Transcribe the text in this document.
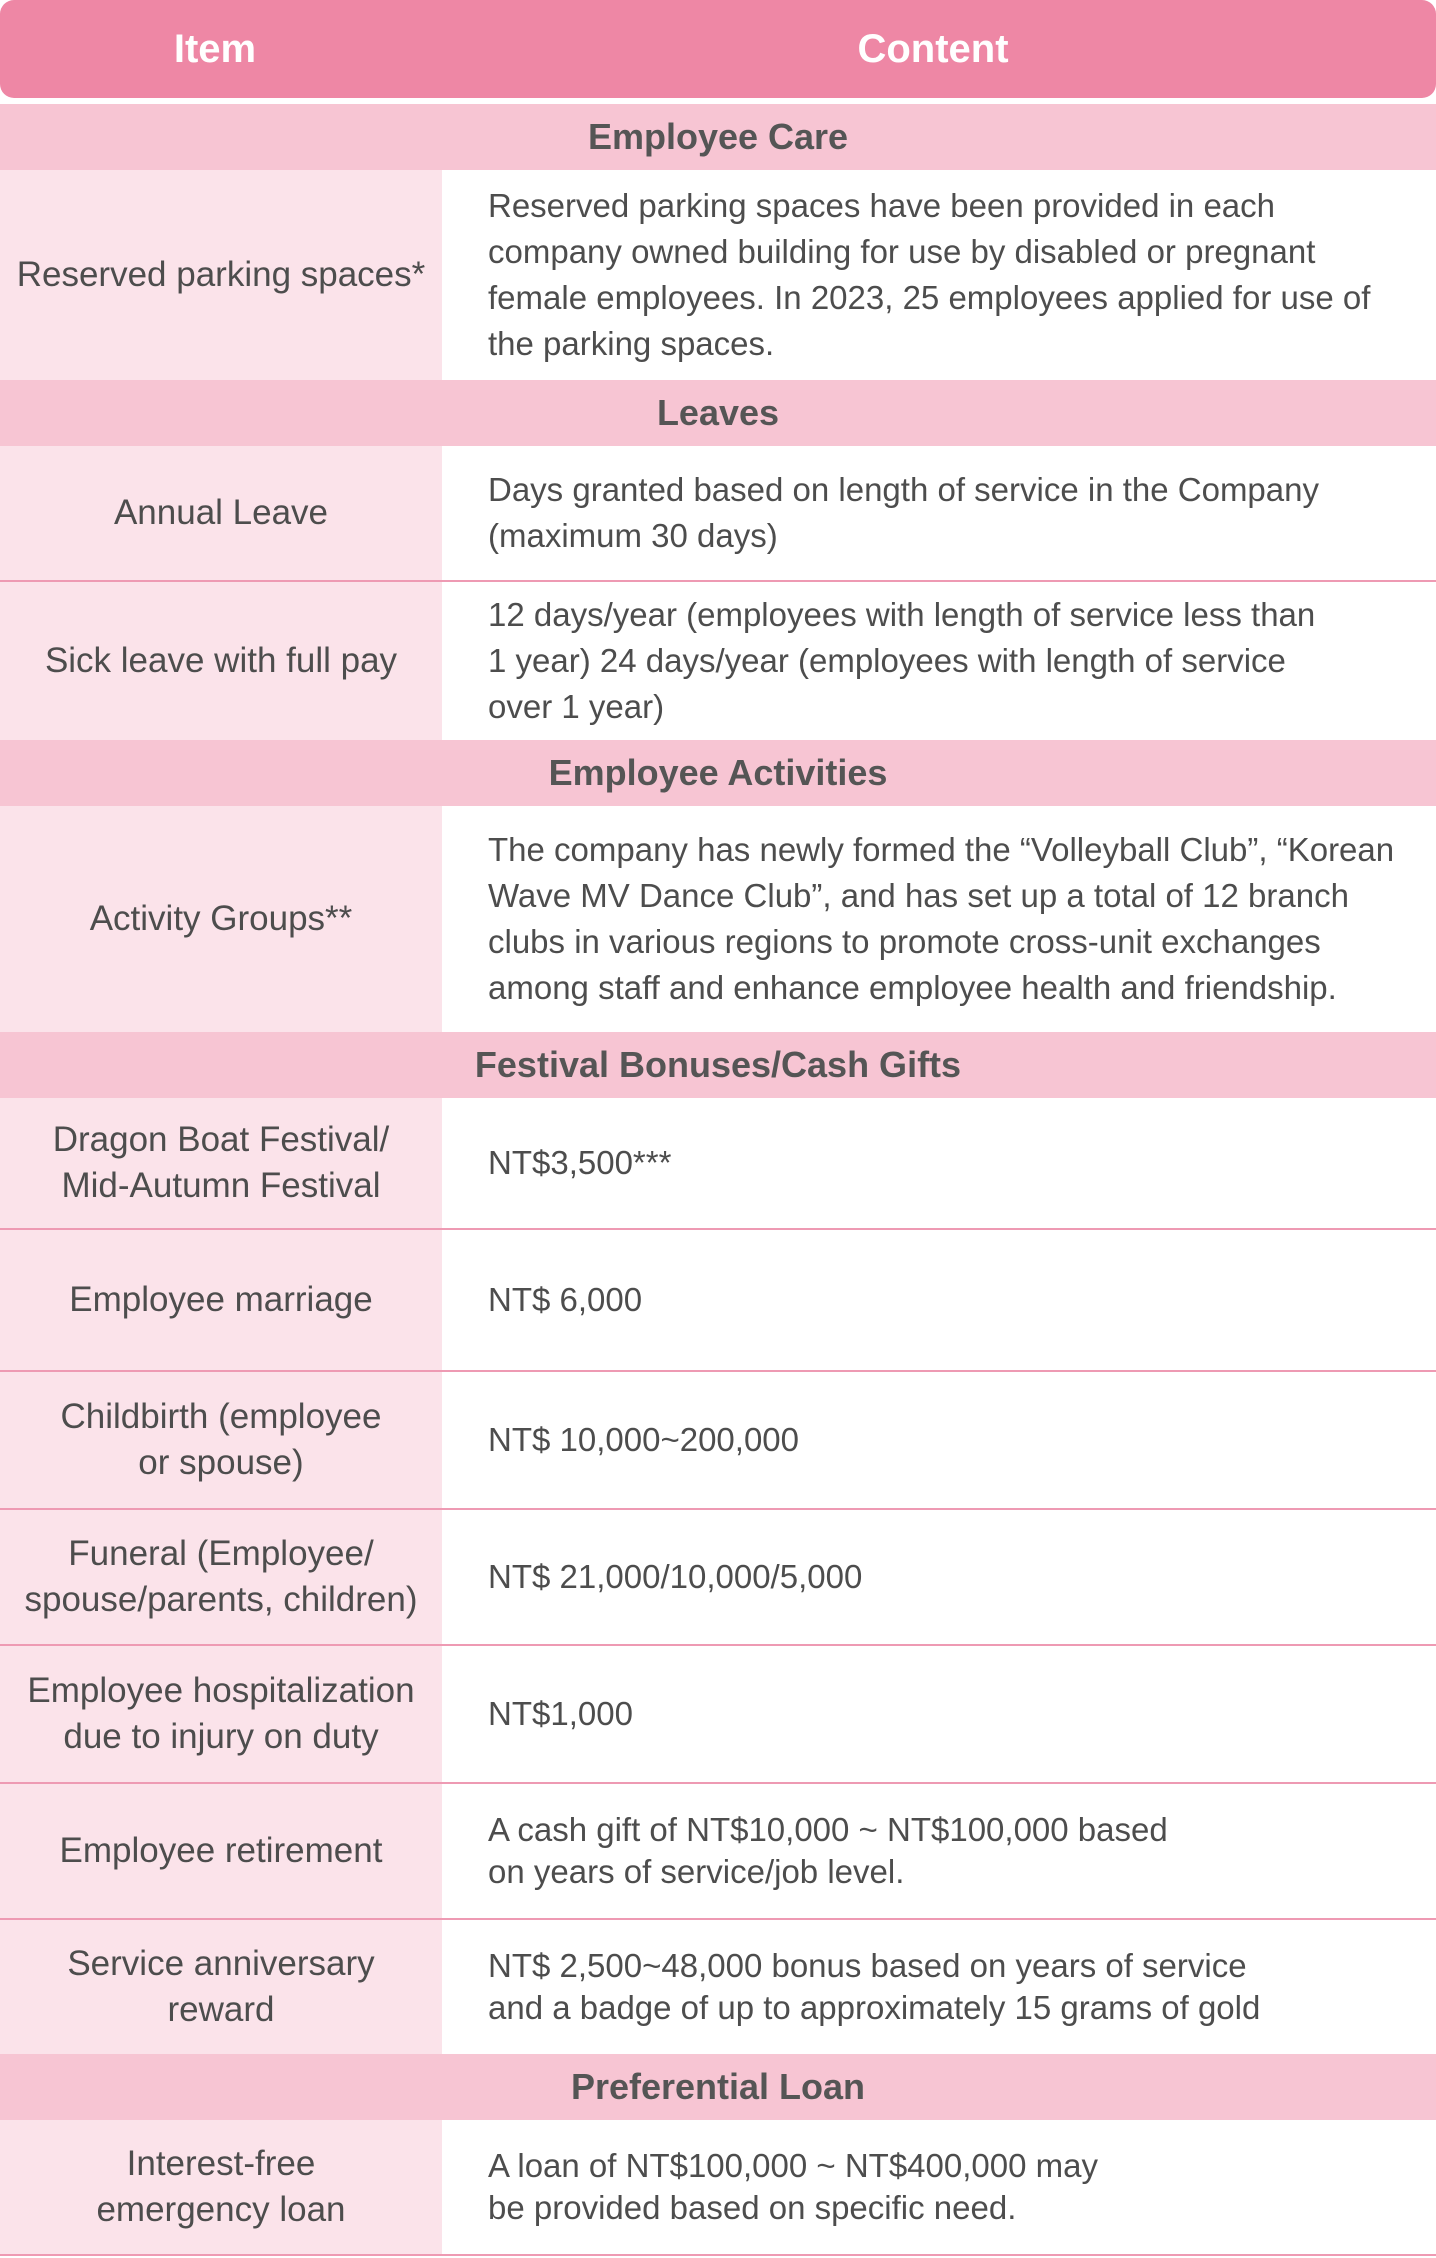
Item	Content
Employee Care
Reserved parking spaces*
Reserved parking spaces have been provided in each
company owned building for use by disabled or pregnant
female employees. In 2023, 25 employees applied for use of
the parking spaces.
Leaves
Annual Leave
Days granted based on length of service in the Company
(maximum 30 days)
Sick leave with full pay
12 days/year (employees with length of service less than
1 year) 24 days/year (employees with length of service
over 1 year)
Employee Activities
Activity Groups**
The company has newly formed the “Volleyball Club”, “Korean
Wave MV Dance Club”, and has set up a total of 12 branch
clubs in various regions to promote cross-unit exchanges
among staff and enhance employee health and friendship.
Festival Bonuses/Cash Gifts
Dragon Boat Festival/
Mid-Autumn Festival
NT$3,500***
Employee marriage	NT$ 6,000
Childbirth (employee
or spouse)
NT$ 10,000~200,000
Funeral (Employee/
spouse/parents, children)
NT$ 21,000/10,000/5,000
Employee hospitalization
due to injury on duty
NT$1,000
Employee retirement
A cash gift of NT$10,000 ~ NT$100,000 based
on years of service/job level.
Service anniversary
reward
NT$ 2,500~48,000 bonus based on years of service
and a badge of up to approximately 15 grams of gold
Preferential Loan
Interest-free
emergency loan
A loan of NT$100,000 ~ NT$400,000 may
be provided based on specific need.
